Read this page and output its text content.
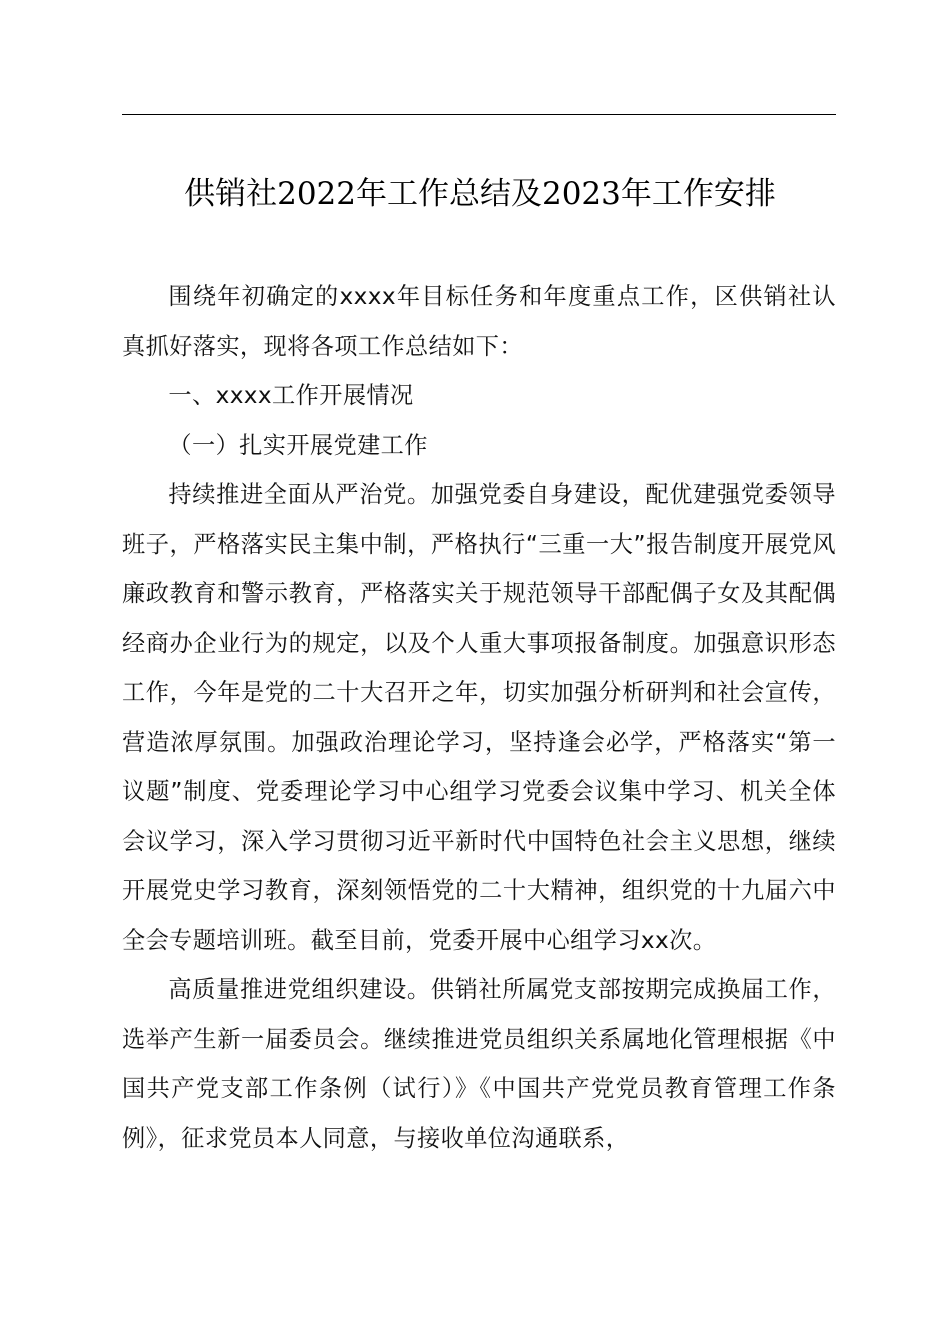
供销社2022年工作总结及2023年工作安排

围绕年初确定的xxxx年目标任务和年度重点工作，区供销社认真抓好落实，现将各项工作总结如下：

一、xxxx工作开展情况

（一）扎实开展党建工作

持续推进全面从严治党。加强党委自身建设，配优建强党委领导班子，严格落实民主集中制，严格执行“三重一大”报告制度开展党风廉政教育和警示教育，严格落实关于规范领导干部配偶子女及其配偶经商办企业行为的规定，以及个人重大事项报备制度。加强意识形态工作，今年是党的二十大召开之年，切实加强分析研判和社会宣传，营造浓厚氛围。加强政治理论学习，坚持逢会必学，严格落实“第一议题”制度、党委理论学习中心组学习党委会议集中学习、机关全体会议学习，深入学习贯彻习近平新时代中国特色社会主义思想，继续开展党史学习教育，深刻领悟党的二十大精神，组织党的十九届六中全会专题培训班。截至目前，党委开展中心组学习xx次。

高质量推进党组织建设。供销社所属党支部按期完成换届工作，选举产生新一届委员会。继续推进党员组织关系属地化管理根据《中国共产党支部工作条例（试行）》《中国共产党党员教育管理工作条例》，征求党员本人同意，与接收单位沟通联系，
